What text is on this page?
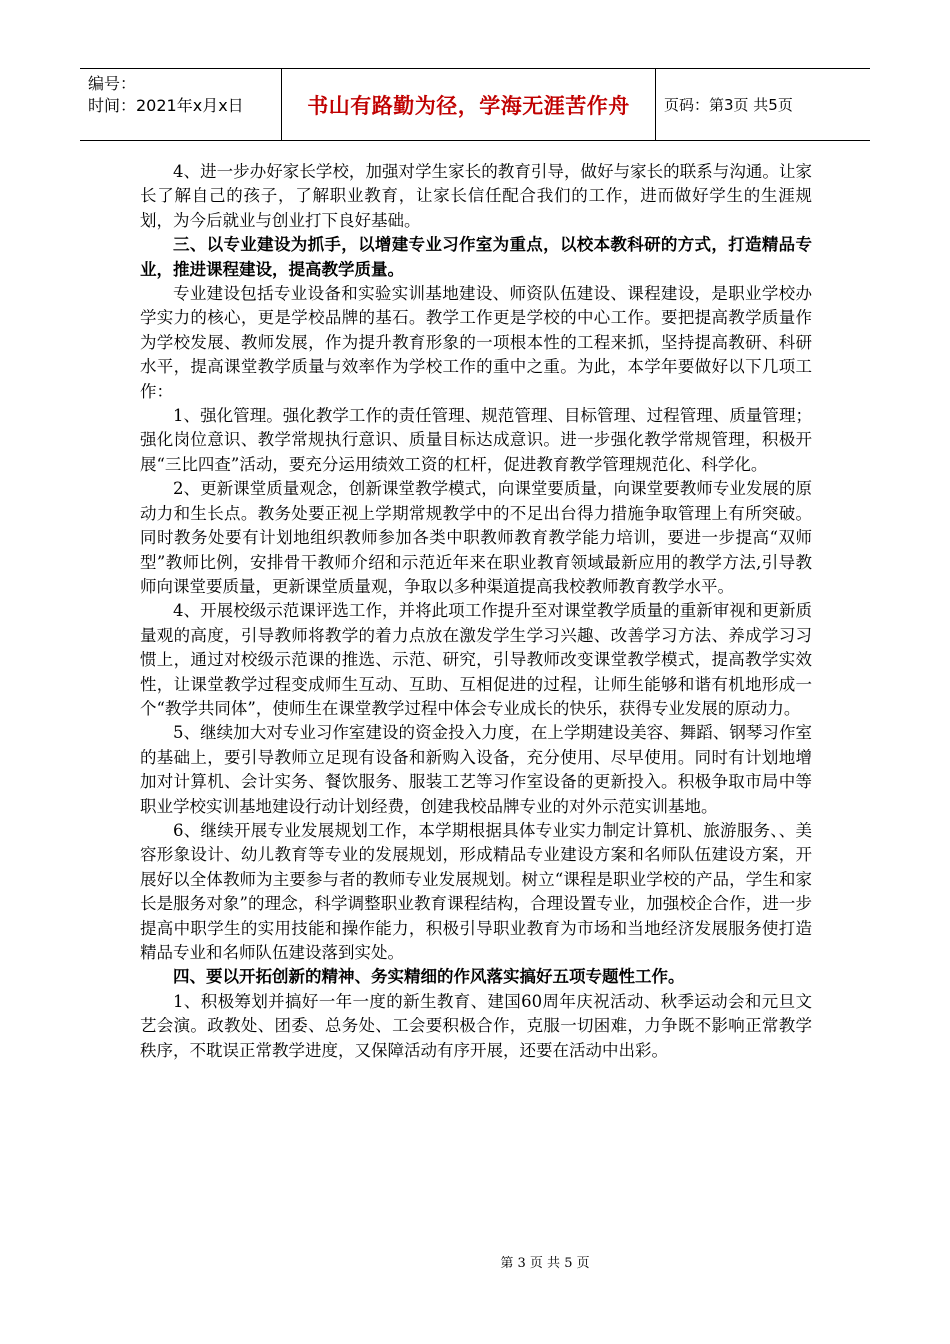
编号：
时间：2021年x月x日	书山有路勤为径，学海无涯苦作舟	页码：第3页 共5页

4、进一步办好家长学校，加强对学生家长的教育引导，做好与家长的联系与沟通。让家长了解自己的孩子，了解职业教育，让家长信任配合我们的工作，进而做好学生的生涯规划，为今后就业与创业打下良好基础。

三、以专业建设为抓手，以增建专业习作室为重点，以校本教科研的方式，打造精品专业，推进课程建设，提高教学质量。

专业建设包括专业设备和实验实训基地建设、师资队伍建设、课程建设，是职业学校办学实力的核心，更是学校品牌的基石。教学工作更是学校的中心工作。要把提高教学质量作为学校发展、教师发展，作为提升教育形象的一项根本性的工程来抓，坚持提高教研、科研水平，提高课堂教学质量与效率作为学校工作的重中之重。为此，本学年要做好以下几项工作：

1、强化管理。强化教学工作的责任管理、规范管理、目标管理、过程管理、质量管理；强化岗位意识、教学常规执行意识、质量目标达成意识。进一步强化教学常规管理，积极开展“三比四查”活动，要充分运用绩效工资的杠杆，促进教育教学管理规范化、科学化。

2、更新课堂质量观念，创新课堂教学模式，向课堂要质量，向课堂要教师专业发展的原动力和生长点。教务处要正视上学期常规教学中的不足出台得力措施争取管理上有所突破。同时教务处要有计划地组织教师参加各类中职教师教育教学能力培训，要进一步提高“双师型”教师比例，安排骨干教师介绍和示范近年来在职业教育领域最新应用的教学方法,引导教师向课堂要质量，更新课堂质量观，争取以多种渠道提高我校教师教育教学水平。

4、开展校级示范课评选工作，并将此项工作提升至对课堂教学质量的重新审视和更新质量观的高度，引导教师将教学的着力点放在激发学生学习兴趣、改善学习方法、养成学习习惯上，通过对校级示范课的推选、示范、研究，引导教师改变课堂教学模式，提高教学实效性，让课堂教学过程变成师生互动、互助、互相促进的过程，让师生能够和谐有机地形成一个“教学共同体”，使师生在课堂教学过程中体会专业成长的快乐，获得专业发展的原动力。

5、继续加大对专业习作室建设的资金投入力度，在上学期建设美容、舞蹈、钢琴习作室的基础上，要引导教师立足现有设备和新购入设备，充分使用、尽早使用。同时有计划地增加对计算机、会计实务、餐饮服务、服装工艺等习作室设备的更新投入。积极争取市局中等职业学校实训基地建设行动计划经费，创建我校品牌专业的对外示范实训基地。

6、继续开展专业发展规划工作，本学期根据具体专业实力制定计算机、旅游服务、、美容形象设计、幼儿教育等专业的发展规划，形成精品专业建设方案和名师队伍建设方案，开展好以全体教师为主要参与者的教师专业发展规划。树立“课程是职业学校的产品，学生和家长是服务对象”的理念，科学调整职业教育课程结构，合理设置专业，加强校企合作，进一步提高中职学生的实用技能和操作能力，积极引导职业教育为市场和当地经济发展服务使打造精品专业和名师队伍建设落到实处。

四、要以开拓创新的精神、务实精细的作风落实搞好五项专题性工作。

1、积极筹划并搞好一年一度的新生教育、建国60周年庆祝活动、秋季运动会和元旦文艺会演。政教处、团委、总务处、工会要积极合作，克服一切困难，力争既不影响正常教学秩序，不耽误正常教学进度，又保障活动有序开展，还要在活动中出彩。

第 3 页 共 5 页
